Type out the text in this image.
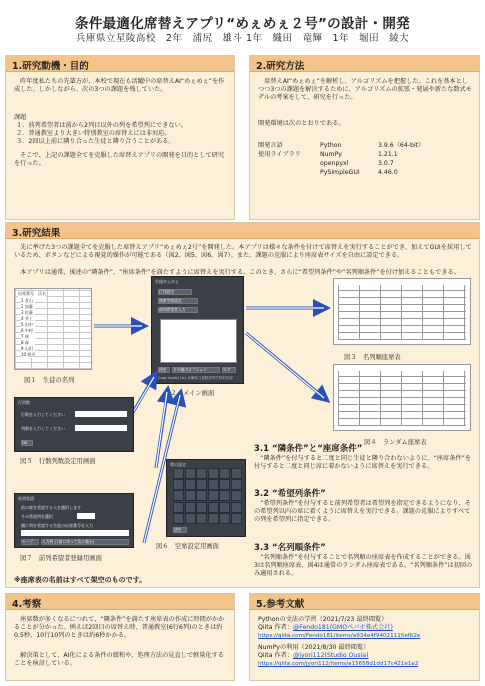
条件最適化席替えアプリ“めぇめぇ２号”の設計・開発
兵庫県立星陵高校　2年　浦尻　雄斗 1年　織田　竜輝　1年　堀田　綾大
1.研究動機・目的
　昨年度私たちの先輩方が、本校で現在も活躍中の席替えAI“めぇめぇ”を作成した。しかしながら、次の3つの課題を残していた。
課題
１．前列希望者は前から2列目以外の列を希望列にできない。
２．普通教室より大きい特別教室の席替えには非対応。
３．2回以上前に隣り合った生徒と隣り合うことがある。
　そこで、上記の課題全てを克服した席替えアプリの開発を目的として研究を行った。
2.研究方法
　席替えAI“めぇめぇ”を解析し、アルゴリズムを把握した。これを基本としつつ3つの課題を解決するために、アルゴリズムの拡張・発展や新たな数式モデルの考案をして、研究を行った。
開発環境は次のとおりである。
開発言語	Python	3.9.6（64-bit）
使用ライブラリ	NumPy	1.21.1
openpyxl	3.0.7
PySimpleGUI	4.46.0
3.研究結果
　先に挙げた3つの課題全てを克服した席替えアプリ“めぇめぇ2号”を開発した。本アプリは様々な条件を付けて席替えを実行することができ、加えてGUIを採用しているため、ボタンなどによる視覚的操作が可能である（図2、図5、図6、図7）。また、課題の克服により座席表サイズを自由に設定できる。
　本アプリは通常、後述の“隣条件”、“座席条件”を満たすように席替えを実行する。このとき、さらに“希望列条件”や“名列順条件”を付け加えることもできる。
出席番号　氏名
1 青山
2 加藤
3 佐藤
4 井上
5 田中
6 中村
7 林
8 森
9 山田
10 渡辺
図１　生徒の名列
生徒めぇめぇ
行列設定
座席空席設定
前列希望者入力
決定	その他のオプション	ログ
Copy right(c) by 兵庫県立星陵高等学校科学部
図２　メイン画面
図３　名列順座席表
図４　ランダム座席表
行列数
行数を入力してください
列数を入力してください
OK
図５　行数列数設定用画面	席の設定
決定
図６　空席設定用画面
前列希望
前の席を希望する人を選択します
その希望列を選択
順に列を希望する生徒の出席番号を入力
セーブ	入力終了(前に戻って次に進む)
図７　前列希望者登録用画面
※座席表の名前はすべて架空のものです。
3.1 “隣条件”と“座席条件”
　“隣条件”を付与すると二度と同じ生徒と隣り合わないように、“座席条件”を付与すると二度と同じ席に着かないように席替えを実行できる。
3.2 “希望列条件”
　“希望列条件”を付与すると前列希望者は希望列を指定できるようになり、その希望列以内の席に着くように席替えを実行できる。課題の克服によりすべての列を希望列に指定できる。
3.3 “名列順条件”
　“名列順条件”を付与することで名列順の座席表を作成することができる。図3は名列順座席表、図4は通常のランダム座席表である。“名列順条件”は初回のみ適用される。
4.考察
　座席数が多くなるにつれて、“隣条件”を満たす座席表の作成に時間がかかることが分かった。例えば2回目の席替え時、普通教室(6行6列)のときは約0.5秒、10行10列のときは約6秒かかる。
　解決策として、AI化による条件の緩和や、処理方法の見直しで軽量化することを検討している。
5.参考文献
Pythonの文法の学習（2021/7/23 最終閲覧）
Qiita 作者：@Fendo181(GMOペパボ株式会社)
https://qiita.com/Fendo181/items/a934e4f94021115efb2e
NumPyの利用（2021/8/30 最終閲覧）
Qiita 作者：@jyori112(Studio Ousia)
https://qiita.com/jyori112/items/a15658d1dd17c421e1e2
